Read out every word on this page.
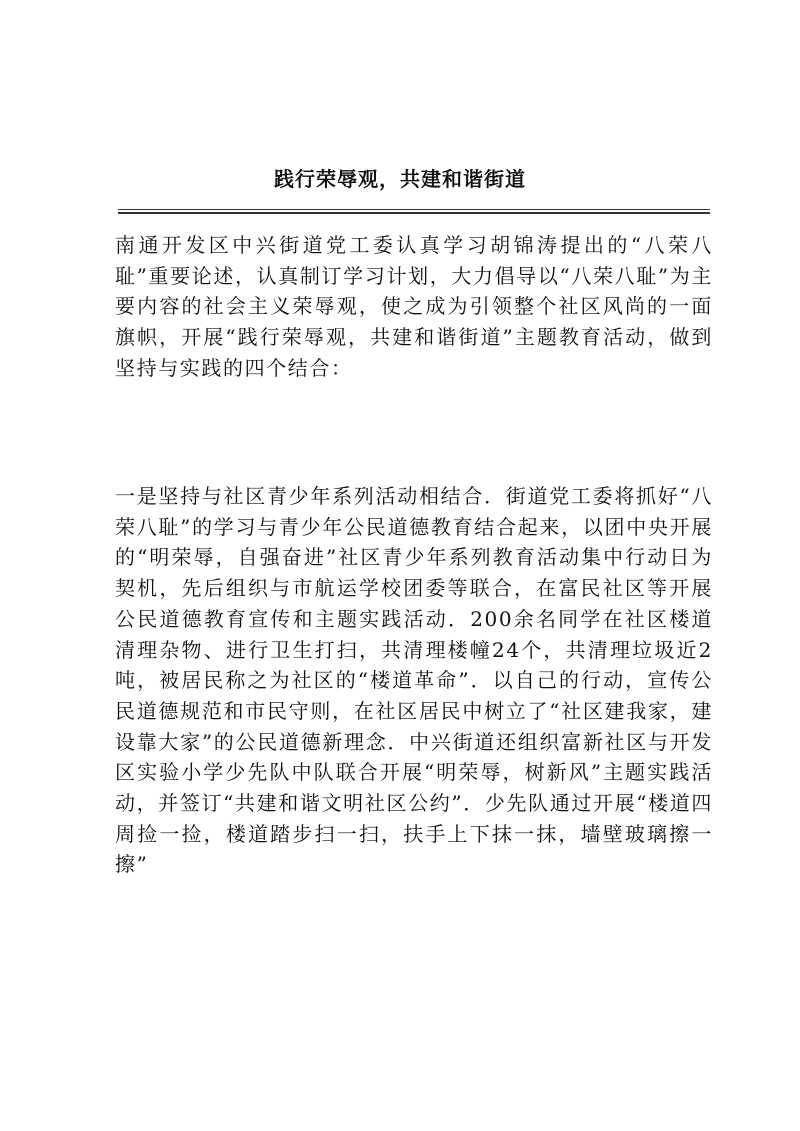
践行荣辱观，共建和谐街道

南通开发区中兴街道党工委认真学习胡锦涛提出的“八荣八耻”重要论述，认真制订学习计划，大力倡导以“八荣八耻”为主要内容的社会主义荣辱观，使之成为引领整个社区风尚的一面旗帜，开展“践行荣辱观，共建和谐街道”主题教育活动，做到坚持与实践的四个结合：

一是坚持与社区青少年系列活动相结合．街道党工委将抓好“八荣八耻”的学习与青少年公民道德教育结合起来，以团中央开展的“明荣辱，自强奋进”社区青少年系列教育活动集中行动日为契机，先后组织与市航运学校团委等联合，在富民社区等开展公民道德教育宣传和主题实践活动．200余名同学在社区楼道清理杂物、进行卫生打扫，共清理楼幢24个，共清理垃圾近2吨，被居民称之为社区的“楼道革命”．以自己的行动，宣传公民道德规范和市民守则，在社区居民中树立了“社区建我家，建设靠大家”的公民道德新理念．中兴街道还组织富新社区与开发区实验小学少先队中队联合开展“明荣辱，树新风”主题实践活动，并签订“共建和谐文明社区公约”．少先队通过开展“楼道四周捡一捡，楼道踏步扫一扫，扶手上下抹一抹，墙壁玻璃擦一擦”
